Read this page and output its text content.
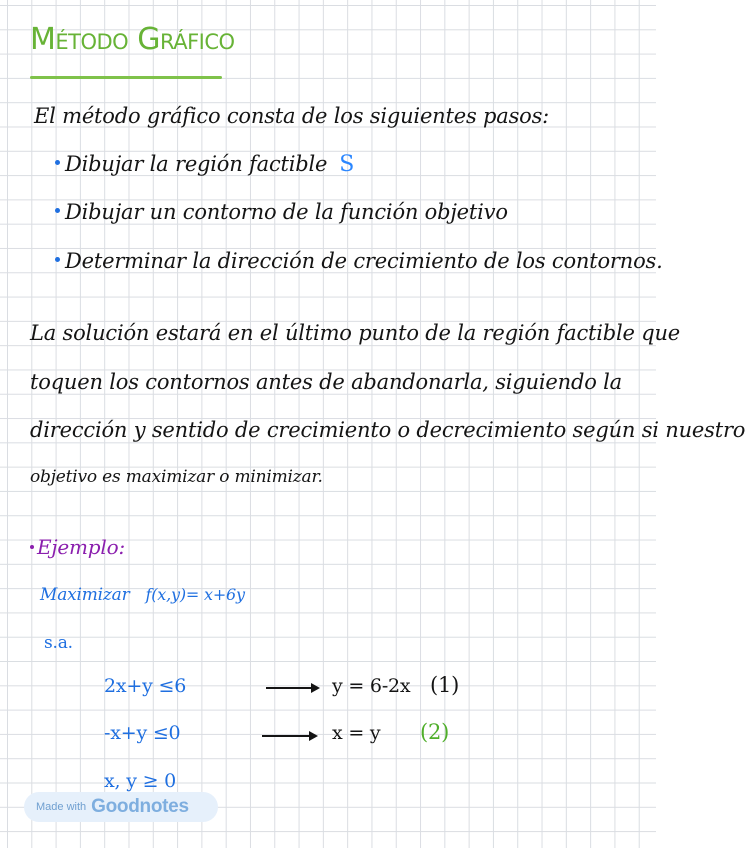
Método Gráfico
El método gráfico consta de los siguientes pasos:
Dibujar la región factible S
Dibujar un contorno de la función objetivo
Determinar la dirección de crecimiento de los contornos.
La solución estará en el último punto de la región factible que
toquen los contornos antes de abandonarla, siguiendo la
dirección y sentido de crecimiento o decrecimiento según si nuestro
objetivo es maximizar o minimizar.
Ejemplo:
Maximizar f(x,y)= x+6y
s.a.
2x+y ≤6	y = 6-2x (1)
-x+y ≤0	x = y (2)
x, y ≥ 0
Made with Goodnotes
